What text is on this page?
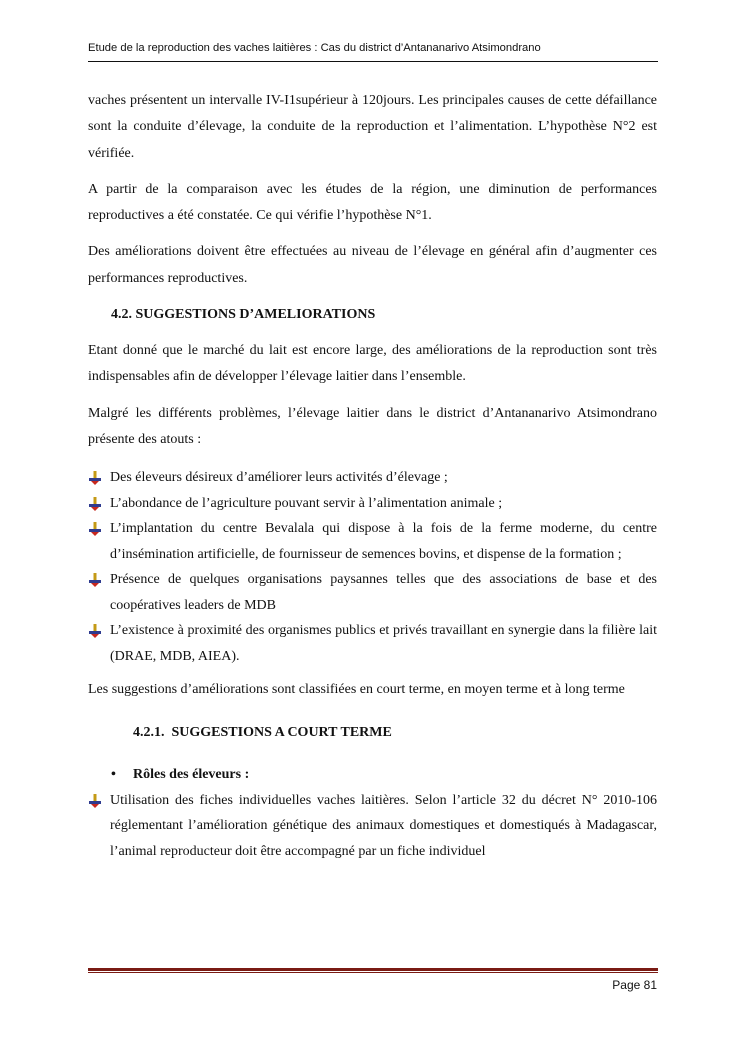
Etude de la reproduction des vaches laitières : Cas du district d’Antananarivo Atsimondrano

vaches présentent un intervalle IV-I1supérieur à 120jours. Les principales causes de cette défaillance sont la conduite d’élevage, la conduite de la reproduction et l’alimentation. L’hypothèse N°2 est vérifiée.

A partir de la comparaison avec les études de la région, une diminution de performances reproductives a été constatée. Ce qui vérifie l’hypothèse N°1.

Des améliorations doivent être effectuées au niveau de l’élevage en général afin d’augmenter ces performances reproductives.

4.2. SUGGESTIONS D’AMELIORATIONS

Etant donné que le marché du lait est encore large, des améliorations de la reproduction sont très indispensables afin de développer l’élevage laitier dans l’ensemble.

Malgré les différents problèmes, l’élevage laitier dans le district d’Antananarivo Atsimondrano présente des atouts :

Des éleveurs désireux d’améliorer leurs activités d’élevage ;
L’abondance de l’agriculture pouvant servir à l’alimentation animale ;
L’implantation du centre Bevalala qui dispose à la fois de la ferme moderne, du centre d’insémination artificielle, de fournisseur de semences bovins, et dispense de la formation ;
Présence de quelques organisations paysannes telles que des associations de base et des coopératives leaders de MDB
L’existence à proximité des organismes publics et privés travaillant en synergie dans la filière lait (DRAE, MDB, AIEA).

Les suggestions d’améliorations sont classifiées en court terme, en moyen terme et à long terme

4.2.1. SUGGESTIONS A COURT TERME

• Rôles des éleveurs :

Utilisation des fiches individuelles vaches laitières. Selon l’article 32 du décret N° 2010-106 réglementant l’amélioration génétique des animaux domestiques et domestiqués à Madagascar, l’animal reproducteur doit être accompagné par un fiche individuel
Page 81
